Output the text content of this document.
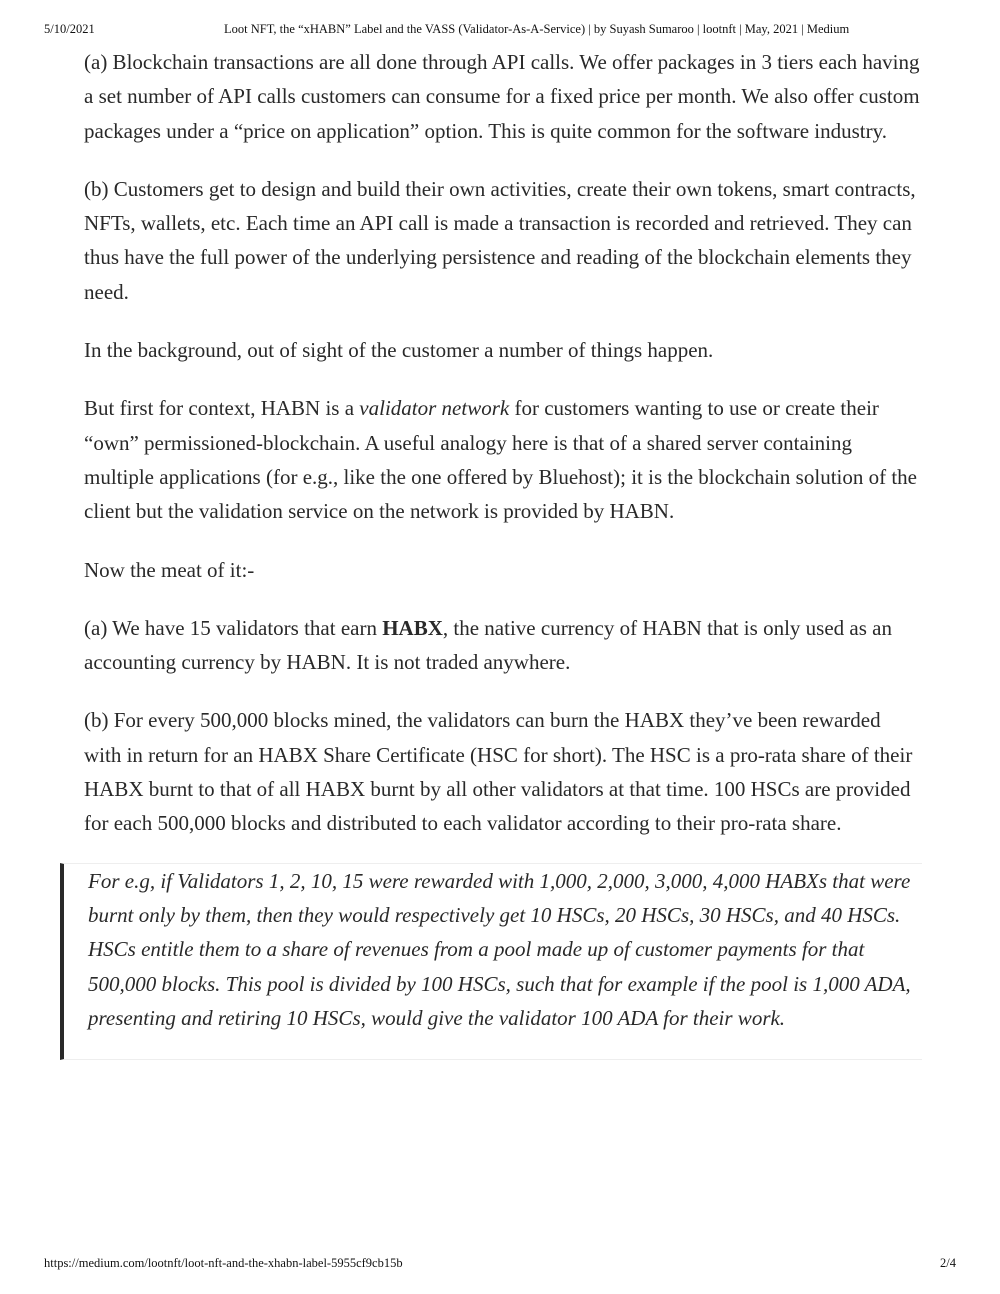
5/10/2021	Loot NFT, the “xHABN” Label and the VASS (Validator-As-A-Service) | by Suyash Sumaroo | lootnft | May, 2021 | Medium

(a) Blockchain transactions are all done through API calls. We offer packages in 3 tiers each having a set number of API calls customers can consume for a fixed price per month. We also offer custom packages under a “price on application” option. This is quite common for the software industry.

(b) Customers get to design and build their own activities, create their own tokens, smart contracts, NFTs, wallets, etc. Each time an API call is made a transaction is recorded and retrieved. They can thus have the full power of the underlying persistence and reading of the blockchain elements they need.

In the background, out of sight of the customer a number of things happen.

But first for context, HABN is a validator network for customers wanting to use or create their “own” permissioned-blockchain. A useful analogy here is that of a shared server containing multiple applications (for e.g., like the one offered by Bluehost); it is the blockchain solution of the client but the validation service on the network is provided by HABN.

Now the meat of it:-

(a) We have 15 validators that earn HABX, the native currency of HABN that is only used as an accounting currency by HABN. It is not traded anywhere.

(b) For every 500,000 blocks mined, the validators can burn the HABX they’ve been rewarded with in return for an HABX Share Certificate (HSC for short). The HSC is a pro-rata share of their HABX burnt to that of all HABX burnt by all other validators at that time. 100 HSCs are provided for each 500,000 blocks and distributed to each validator according to their pro-rata share.

For e.g, if Validators 1, 2, 10, 15 were rewarded with 1,000, 2,000, 3,000, 4,000 HABXs that were burnt only by them, then they would respectively get 10 HSCs, 20 HSCs, 30 HSCs, and 40 HSCs. HSCs entitle them to a share of revenues from a pool made up of customer payments for that 500,000 blocks. This pool is divided by 100 HSCs, such that for example if the pool is 1,000 ADA, presenting and retiring 10 HSCs, would give the validator 100 ADA for their work.

https://medium.com/lootnft/loot-nft-and-the-xhabn-label-5955cf9cb15b	2/4
